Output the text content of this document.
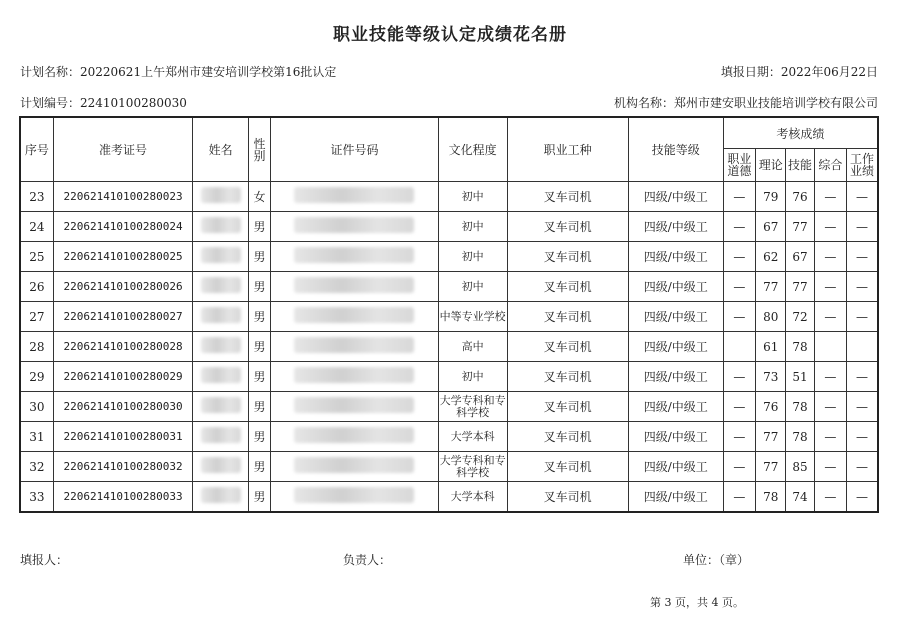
职业技能等级认定成绩花名册
计划名称：20220621上午郑州市建安培训学校第16批认定	填报日期：2022年06月22日
计划编号：22410100280030	机构名称：郑州市建安职业技能培训学校有限公司
序号	准考证号	姓名	性别	证件号码	文化程度	职业工种	技能等级	考核成绩				
								职业道德	理论	技能	综合	工作业绩
23	220621410100280023		女		初中	叉车司机	四级/中级工	—	79	76	—	—
24	220621410100280024		男		初中	叉车司机	四级/中级工	—	67	77	—	—
25	220621410100280025		男		初中	叉车司机	四级/中级工	—	62	67	—	—
26	220621410100280026		男		初中	叉车司机	四级/中级工	—	77	77	—	—
27	220621410100280027		男		中等专业学校	叉车司机	四级/中级工	—	80	72	—	—
28	220621410100280028		男		高中	叉车司机	四级/中级工		61	78		
29	220621410100280029		男		初中	叉车司机	四级/中级工	—	73	51	—	—
30	220621410100280030		男		大学专科和专科学校	叉车司机	四级/中级工	—	76	78	—	—
31	220621410100280031		男		大学本科	叉车司机	四级/中级工	—	77	78	—	—
32	220621410100280032		男		大学专科和专科学校	叉车司机	四级/中级工	—	77	85	—	—
33	220621410100280033		男		大学本科	叉车司机	四级/中级工	—	78	74	—	—
填报人：	负责人：	单位：（章）
第 3 页，共 4 页。
